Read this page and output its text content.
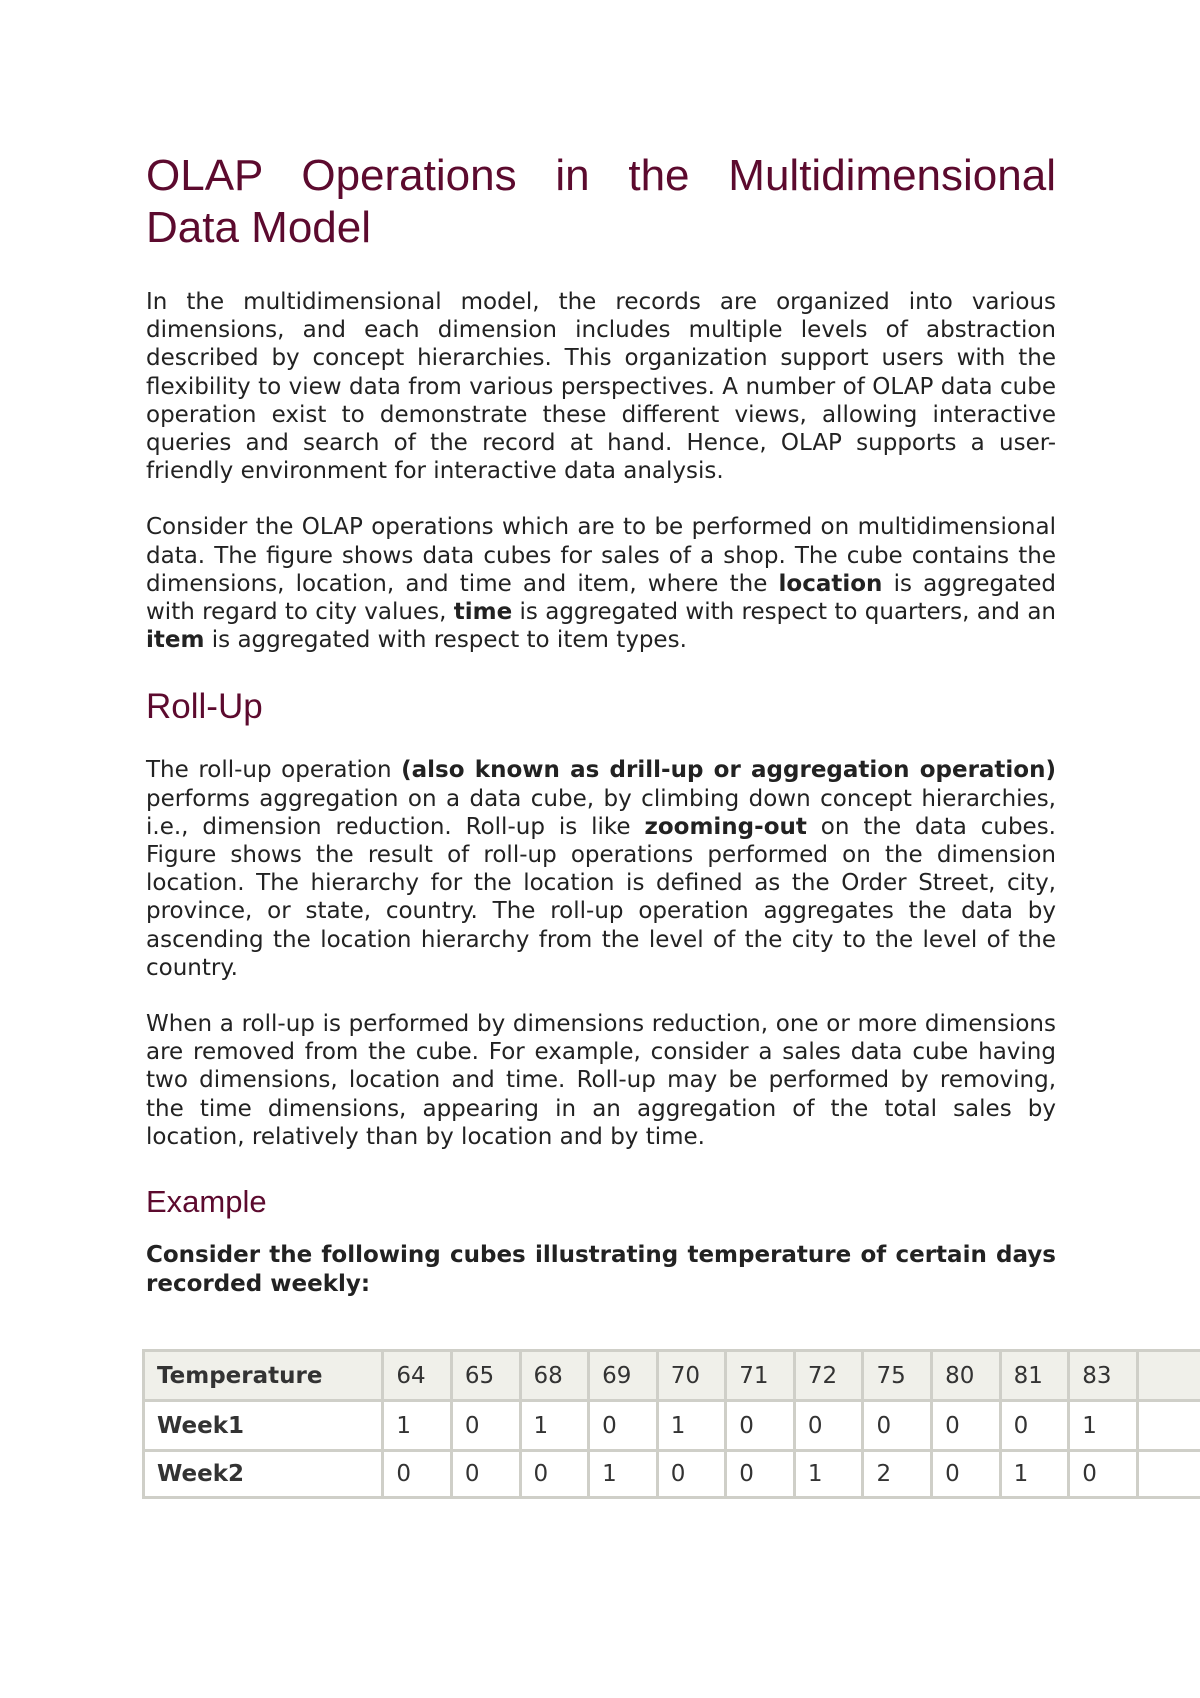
OLAP Operations in the Multidimensional
Data Model

In the multidimensional model, the records are organized into various dimensions, and each dimension includes multiple levels of abstraction described by concept hierarchies. This organization support users with the flexibility to view data from various perspectives. A number of OLAP data cube operation exist to demonstrate these different views, allowing interactive queries and search of the record at hand. Hence, OLAP supports a user-friendly environment for interactive data analysis.

Consider the OLAP operations which are to be performed on multidimensional data. The figure shows data cubes for sales of a shop. The cube contains the dimensions, location, and time and item, where the location is aggregated with regard to city values, time is aggregated with respect to quarters, and an item is aggregated with respect to item types.

Roll-Up

The roll-up operation (also known as drill-up or aggregation operation) performs aggregation on a data cube, by climbing down concept hierarchies, i.e., dimension reduction. Roll-up is like zooming-out on the data cubes. Figure shows the result of roll-up operations performed on the dimension location. The hierarchy for the location is defined as the Order Street, city, province, or state, country. The roll-up operation aggregates the data by ascending the location hierarchy from the level of the city to the level of the country.

When a roll-up is performed by dimensions reduction, one or more dimensions are removed from the cube. For example, consider a sales data cube having two dimensions, location and time. Roll-up may be performed by removing, the time dimensions, appearing in an aggregation of the total sales by location, relatively than by location and by time.

Example

Consider the following cubes illustrating temperature of certain days recorded weekly:

Temperature	64	65	68	69	70	71	72	75	80	81	83	
Week1	1	0	1	0	1	0	0	0	0	0	1	
Week2	0	0	0	1	0	0	1	2	0	1	0	
